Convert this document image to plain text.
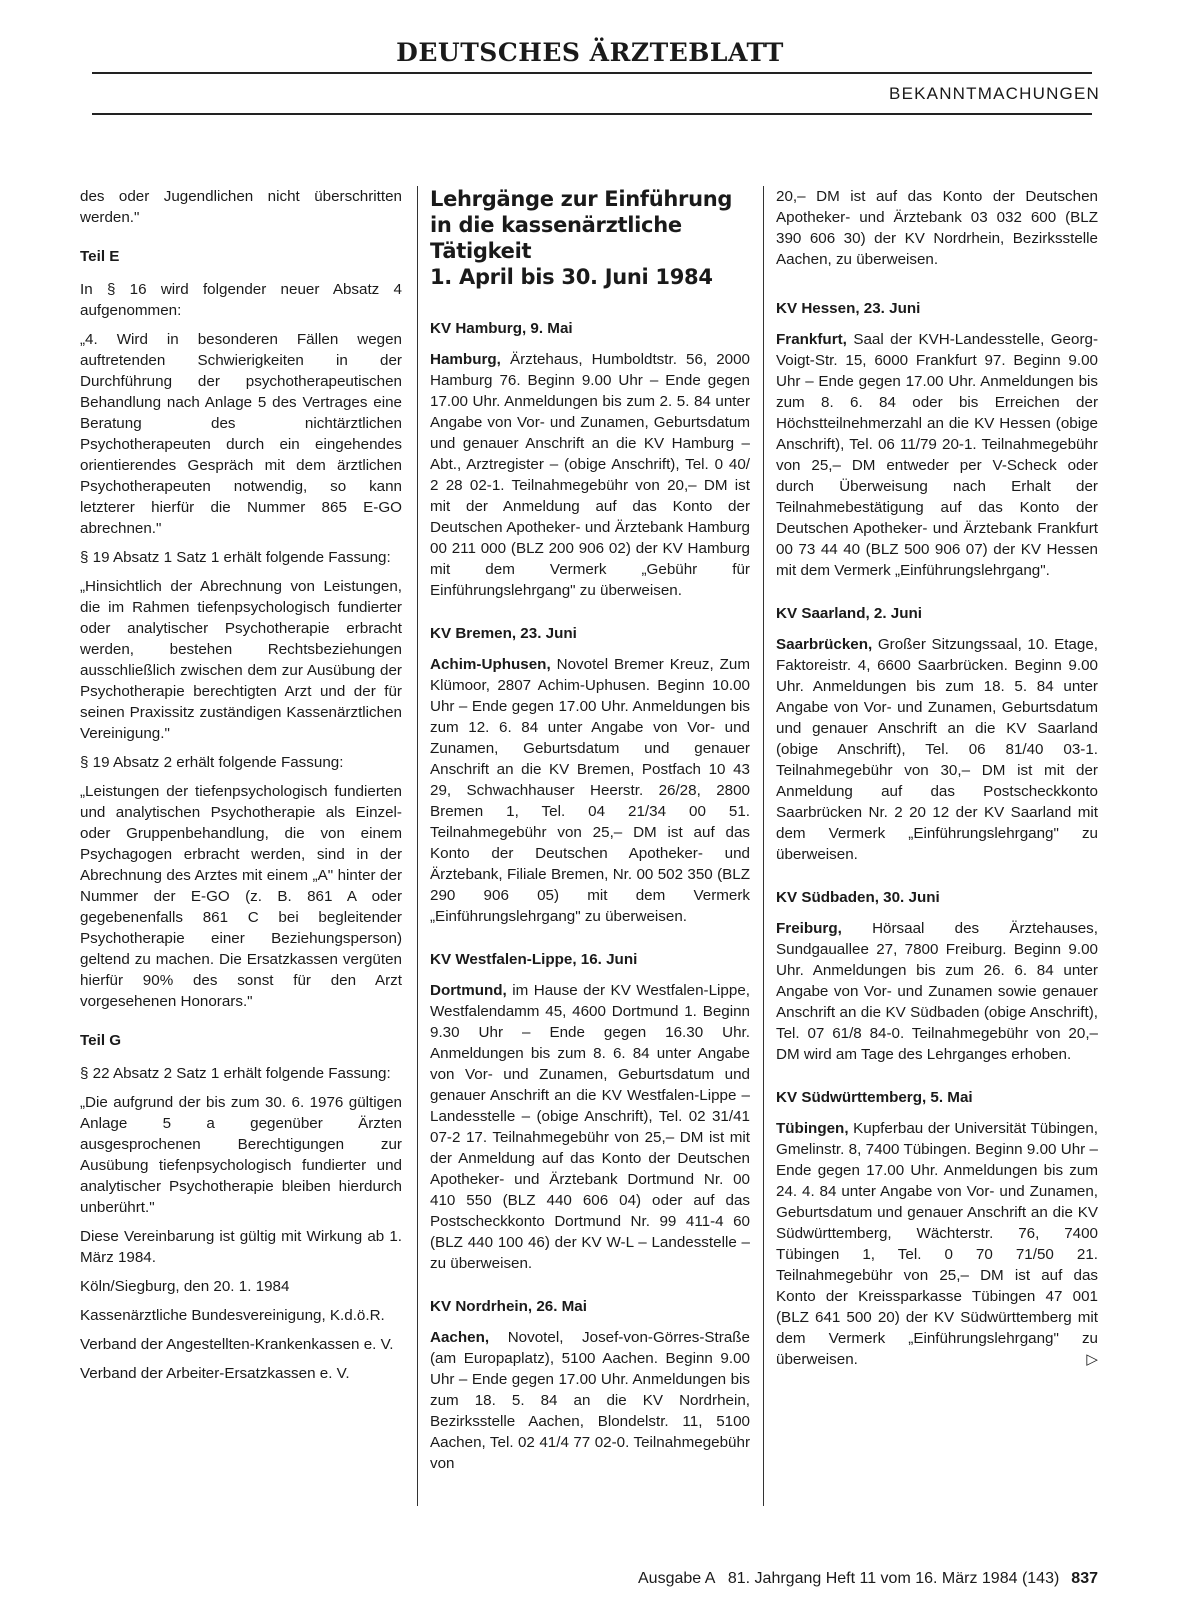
DEUTSCHES ÄRZTEBLATT
BEKANNTMACHUNGEN

des oder Jugendlichen nicht überschritten werden."

Teil E

In § 16 wird folgender neuer Absatz 4 aufgenommen:

„4. Wird in besonderen Fällen wegen auftretenden Schwierigkeiten in der Durchführung der psychotherapeutischen Behandlung nach Anlage 5 des Vertrages eine Beratung des nichtärztlichen Psychotherapeuten durch ein eingehendes orientierendes Gespräch mit dem ärztlichen Psychotherapeuten notwendig, so kann letzterer hierfür die Nummer 865 E-GO abrechnen."

§ 19 Absatz 1 Satz 1 erhält folgende Fassung:

„Hinsichtlich der Abrechnung von Leistungen, die im Rahmen tiefenpsychologisch fundierter oder analytischer Psychotherapie erbracht werden, bestehen Rechtsbeziehungen ausschließlich zwischen dem zur Ausübung der Psychotherapie berechtigten Arzt und der für seinen Praxissitz zuständigen Kassenärztlichen Vereinigung."

§ 19 Absatz 2 erhält folgende Fassung:

„Leistungen der tiefenpsychologisch fundierten und analytischen Psychotherapie als Einzel- oder Gruppenbehandlung, die von einem Psychagogen erbracht werden, sind in der Abrechnung des Arztes mit einem „A" hinter der Nummer der E-GO (z. B. 861 A oder gegebenenfalls 861 C bei begleitender Psychotherapie einer Beziehungsperson) geltend zu machen. Die Ersatzkassen vergüten hierfür 90% des sonst für den Arzt vorgesehenen Honorars."

Teil G

§ 22 Absatz 2 Satz 1 erhält folgende Fassung:

„Die aufgrund der bis zum 30. 6. 1976 gültigen Anlage 5 a gegenüber Ärzten ausgesprochenen Berechtigungen zur Ausübung tiefenpsychologisch fundierter und analytischer Psychotherapie bleiben hierdurch unberührt."

Diese Vereinbarung ist gültig mit Wirkung ab 1. März 1984.

Köln/Siegburg, den 20. 1. 1984

Kassenärztliche Bundesvereinigung, K.d.ö.R.

Verband der Angestellten-Krankenkassen e. V.

Verband der Arbeiter-Ersatzkassen e. V.

Lehrgänge zur Einführung
in die kassenärztliche Tätigkeit
1. April bis 30. Juni 1984
KV Hamburg, 9. Mai

Hamburg, Ärztehaus, Humboldtstr. 56, 2000 Hamburg 76. Beginn 9.00 Uhr – Ende gegen 17.00 Uhr. Anmeldungen bis zum 2. 5. 84 unter Angabe von Vor- und Zunamen, Geburtsdatum und genauer Anschrift an die KV Hamburg – Abt., Arztregister – (obige Anschrift), Tel. 0 40/ 2 28 02-1. Teilnahmegebühr von 20,– DM ist mit der Anmeldung auf das Konto der Deutschen Apotheker- und Ärztebank Hamburg 00 211 000 (BLZ 200 906 02) der KV Hamburg mit dem Vermerk „Gebühr für Einführungslehrgang" zu überweisen.

KV Bremen, 23. Juni

Achim-Uphusen, Novotel Bremer Kreuz, Zum Klümoor, 2807 Achim-Uphusen. Beginn 10.00 Uhr – Ende gegen 17.00 Uhr. Anmeldungen bis zum 12. 6. 84 unter Angabe von Vor- und Zunamen, Geburtsdatum und genauer Anschrift an die KV Bremen, Postfach 10 43 29, Schwachhauser Heerstr. 26/28, 2800 Bremen 1, Tel. 04 21/34 00 51. Teilnahmegebühr von 25,– DM ist auf das Konto der Deutschen Apotheker- und Ärztebank, Filiale Bremen, Nr. 00 502 350 (BLZ 290 906 05) mit dem Vermerk „Einführungslehrgang" zu überweisen.

KV Westfalen-Lippe, 16. Juni

Dortmund, im Hause der KV Westfalen-Lippe, Westfalendamm 45, 4600 Dortmund 1. Beginn 9.30 Uhr – Ende gegen 16.30 Uhr. Anmeldungen bis zum 8. 6. 84 unter Angabe von Vor- und Zunamen, Geburtsdatum und genauer Anschrift an die KV Westfalen-Lippe – Landesstelle – (obige Anschrift), Tel. 02 31/41 07-2 17. Teilnahmegebühr von 25,– DM ist mit der Anmeldung auf das Konto der Deutschen Apotheker- und Ärztebank Dortmund Nr. 00 410 550 (BLZ 440 606 04) oder auf das Postscheckkonto Dortmund Nr. 99 411-4 60 (BLZ 440 100 46) der KV W-L – Landesstelle – zu überweisen.

KV Nordrhein, 26. Mai

Aachen, Novotel, Josef-von-Görres-Straße (am Europaplatz), 5100 Aachen. Beginn 9.00 Uhr – Ende gegen 17.00 Uhr. Anmeldungen bis zum 18. 5. 84 an die KV Nordrhein, Bezirksstelle Aachen, Blondelstr. 11, 5100 Aachen, Tel. 02 41/4 77 02-0. Teilnahmegebühr von

20,– DM ist auf das Konto der Deutschen Apotheker- und Ärztebank 03 032 600 (BLZ 390 606 30) der KV Nordrhein, Bezirksstelle Aachen, zu überweisen.

KV Hessen, 23. Juni

Frankfurt, Saal der KVH-Landesstelle, Georg-Voigt-Str. 15, 6000 Frankfurt 97. Beginn 9.00 Uhr – Ende gegen 17.00 Uhr. Anmeldungen bis zum 8. 6. 84 oder bis Erreichen der Höchstteilnehmerzahl an die KV Hessen (obige Anschrift), Tel. 06 11/79 20-1. Teilnahmegebühr von 25,– DM entweder per V-Scheck oder durch Überweisung nach Erhalt der Teilnahmebestätigung auf das Konto der Deutschen Apotheker- und Ärztebank Frankfurt 00 73 44 40 (BLZ 500 906 07) der KV Hessen mit dem Vermerk „Einführungslehrgang".

KV Saarland, 2. Juni

Saarbrücken, Großer Sitzungssaal, 10. Etage, Faktoreistr. 4, 6600 Saarbrücken. Beginn 9.00 Uhr. Anmeldungen bis zum 18. 5. 84 unter Angabe von Vor- und Zunamen, Geburtsdatum und genauer Anschrift an die KV Saarland (obige Anschrift), Tel. 06 81/40 03-1. Teilnahmegebühr von 30,– DM ist mit der Anmeldung auf das Postscheckkonto Saarbrücken Nr. 2 20 12 der KV Saarland mit dem Vermerk „Einführungslehrgang" zu überweisen.

KV Südbaden, 30. Juni

Freiburg, Hörsaal des Ärztehauses, Sundgauallee 27, 7800 Freiburg. Beginn 9.00 Uhr. Anmeldungen bis zum 26. 6. 84 unter Angabe von Vor- und Zunamen sowie genauer Anschrift an die KV Südbaden (obige Anschrift), Tel. 07 61/8 84-0. Teilnahmegebühr von 20,– DM wird am Tage des Lehrganges erhoben.

KV Südwürttemberg, 5. Mai

Tübingen, Kupferbau der Universität Tübingen, Gmelinstr. 8, 7400 Tübingen. Beginn 9.00 Uhr – Ende gegen 17.00 Uhr. Anmeldungen bis zum 24. 4. 84 unter Angabe von Vor- und Zunamen, Geburtsdatum und genauer Anschrift an die KV Südwürttemberg, Wächterstr. 76, 7400 Tübingen 1, Tel. 0 70 71/50 21. Teilnahmegebühr von 25,– DM ist auf das Konto der Kreissparkasse Tübingen 47 001 (BLZ 641 500 20) der KV Südwürttemberg mit dem Vermerk „Einführungslehrgang" zu überweisen.	▷

Ausgabe A   81. Jahrgang Heft 11 vom 16. März 1984 (143) 837
